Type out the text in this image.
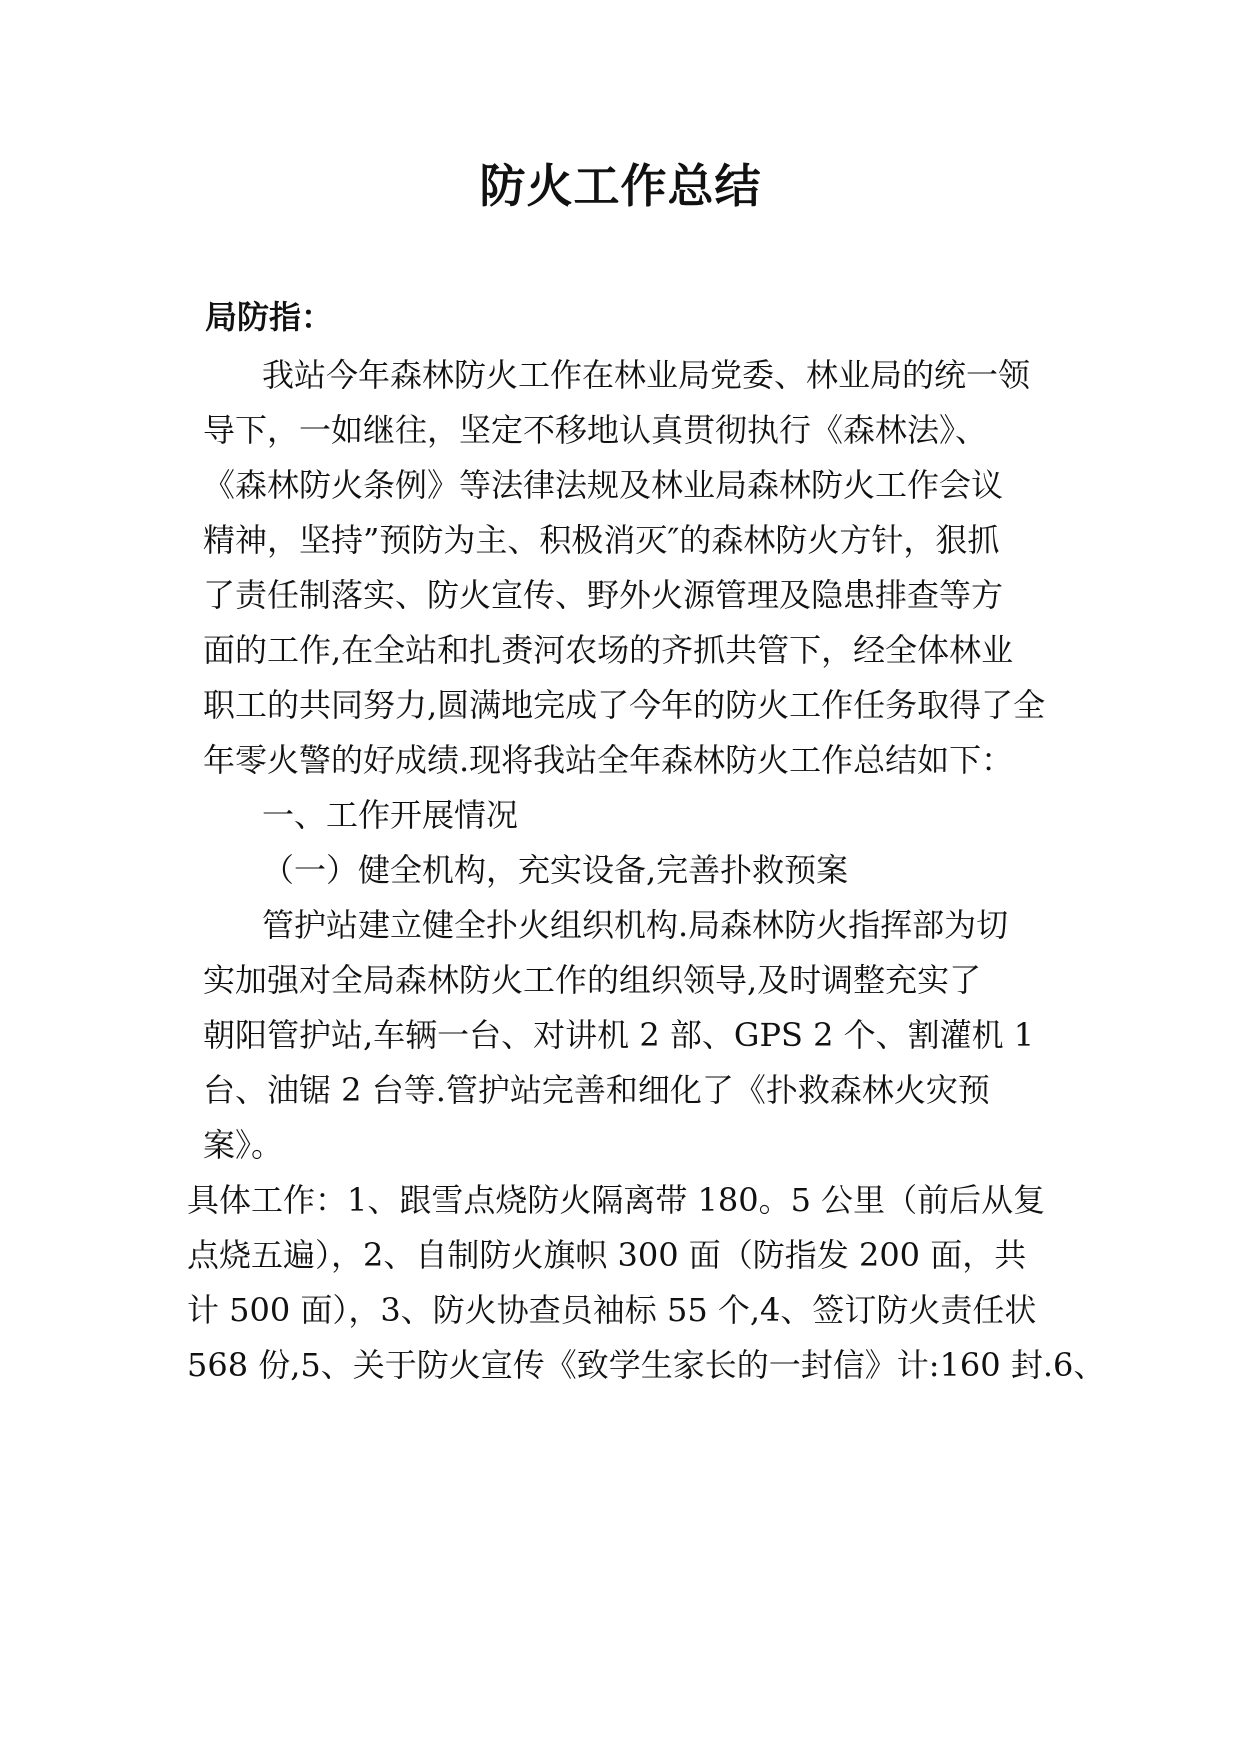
防火工作总结
局防指：
我站今年森林防火工作在林业局党委、林业局的统一领
导下，一如继往，坚定不移地认真贯彻执行《森林法》、
《森林防火条例》等法律法规及林业局森林防火工作会议
精神，坚持”预防为主、积极消灭″的森林防火方针，狠抓
了责任制落实、防火宣传、野外火源管理及隐患排查等方
面的工作,在全站和扎赉河农场的齐抓共管下，经全体林业
职工的共同努力,圆满地完成了今年的防火工作任务取得了全
年零火警的好成绩.现将我站全年森林防火工作总结如下：
一、工作开展情况
（一）健全机构，充实设备,完善扑救预案
管护站建立健全扑火组织机构.局森林防火指挥部为切
实加强对全局森林防火工作的组织领导,及时调整充实了
朝阳管护站,车辆一台、对讲机 2 部、GPS 2 个、割灌机 1
台、油锯 2 台等.管护站完善和细化了《扑救森林火灾预
案》。
具体工作：1、跟雪点烧防火隔离带 180。5 公里（前后从复
点烧五遍），2、自制防火旗帜 300 面（防指发 200 面，共
计 500 面），3、防火协查员袖标 55 个,4、签订防火责任状
568 份,5、关于防火宣传《致学生家长的一封信》计:160 封.6、
